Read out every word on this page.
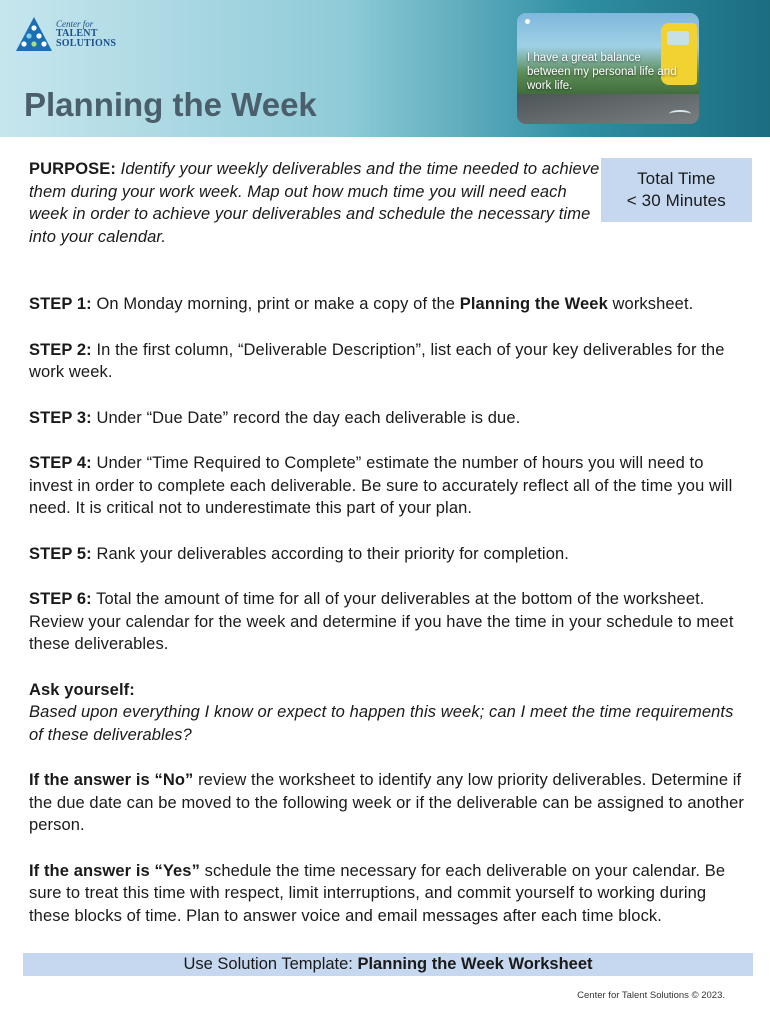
Center for
TALENT
SOLUTIONS
Planning the Week
I have a great balance between my personal life and work life.

PURPOSE: Identify your weekly deliverables and the time needed to achieve them during your work week. Map out how much time you will need each week in order to achieve your deliverables and schedule the necessary time into your calendar.

Total Time
< 30 Minutes

STEP 1: On Monday morning, print or make a copy of the Planning the Week worksheet.

STEP 2: In the first column, “Deliverable Description”, list each of your key deliverables for the work week.

STEP 3: Under “Due Date” record the day each deliverable is due.

STEP 4: Under “Time Required to Complete” estimate the number of hours you will need to invest in order to complete each deliverable. Be sure to accurately reflect all of the time you will need. It is critical not to underestimate this part of your plan.

STEP 5: Rank your deliverables according to their priority for completion.

STEP 6: Total the amount of time for all of your deliverables at the bottom of the worksheet. Review your calendar for the week and determine if you have the time in your schedule to meet these deliverables.

Ask yourself:
Based upon everything I know or expect to happen this week; can I meet the time requirements of these deliverables?

If the answer is “No” review the worksheet to identify any low priority deliverables. Determine if the due date can be moved to the following week or if the deliverable can be assigned to another person.

If the answer is “Yes” schedule the time necessary for each deliverable on your calendar. Be sure to treat this time with respect, limit interruptions, and commit yourself to working during these blocks of time. Plan to answer voice and email messages after each time block.

Use Solution Template: Planning the Week Worksheet
Center for Talent Solutions © 2023.
